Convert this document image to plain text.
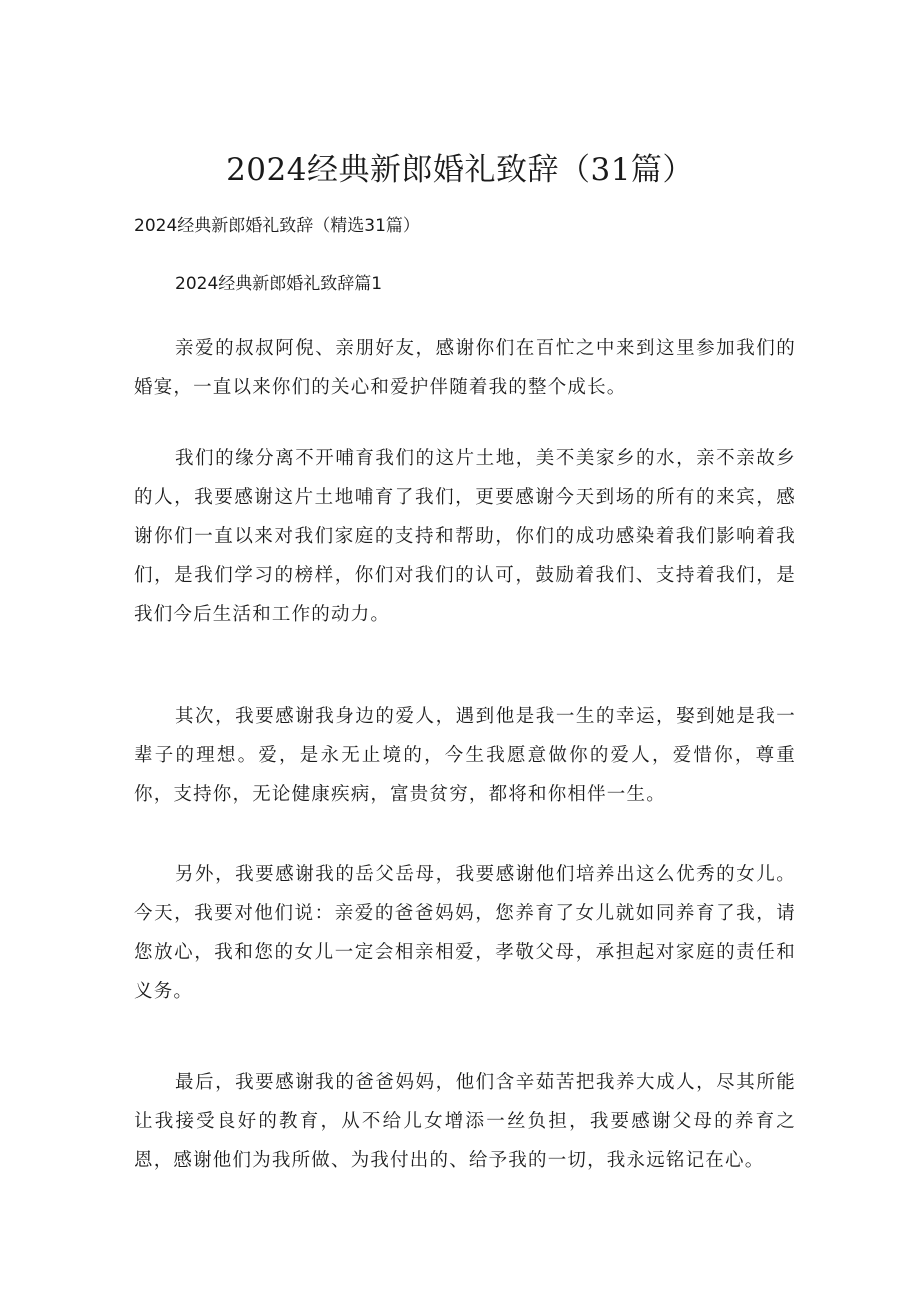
2024经典新郎婚礼致辞（31篇）

2024经典新郎婚礼致辞（精选31篇）

2024经典新郎婚礼致辞篇1

亲爱的叔叔阿倪、亲朋好友，感谢你们在百忙之中来到这里参加我们的婚宴，一直以来你们的关心和爱护伴随着我的整个成长。

我们的缘分离不开哺育我们的这片土地，美不美家乡的水，亲不亲故乡的人，我要感谢这片土地哺育了我们，更要感谢今天到场的所有的来宾，感谢你们一直以来对我们家庭的支持和帮助，你们的成功感染着我们影响着我们，是我们学习的榜样，你们对我们的认可，鼓励着我们、支持着我们，是我们今后生活和工作的动力。

其次，我要感谢我身边的爱人，遇到他是我一生的幸运，娶到她是我一辈子的理想。爱，是永无止境的，今生我愿意做你的爱人，爱惜你，尊重你，支持你，无论健康疾病，富贵贫穷，都将和你相伴一生。

另外，我要感谢我的岳父岳母，我要感谢他们培养出这么优秀的女儿。今天，我要对他们说：亲爱的爸爸妈妈，您养育了女儿就如同养育了我，请您放心，我和您的女儿一定会相亲相爱，孝敬父母，承担起对家庭的责任和义务。

最后，我要感谢我的爸爸妈妈，他们含辛茹苦把我养大成人，尽其所能让我接受良好的教育，从不给儿女增添一丝负担，我要感谢父母的养育之恩，感谢他们为我所做、为我付出的、给予我的一切，我永远铭记在心。
